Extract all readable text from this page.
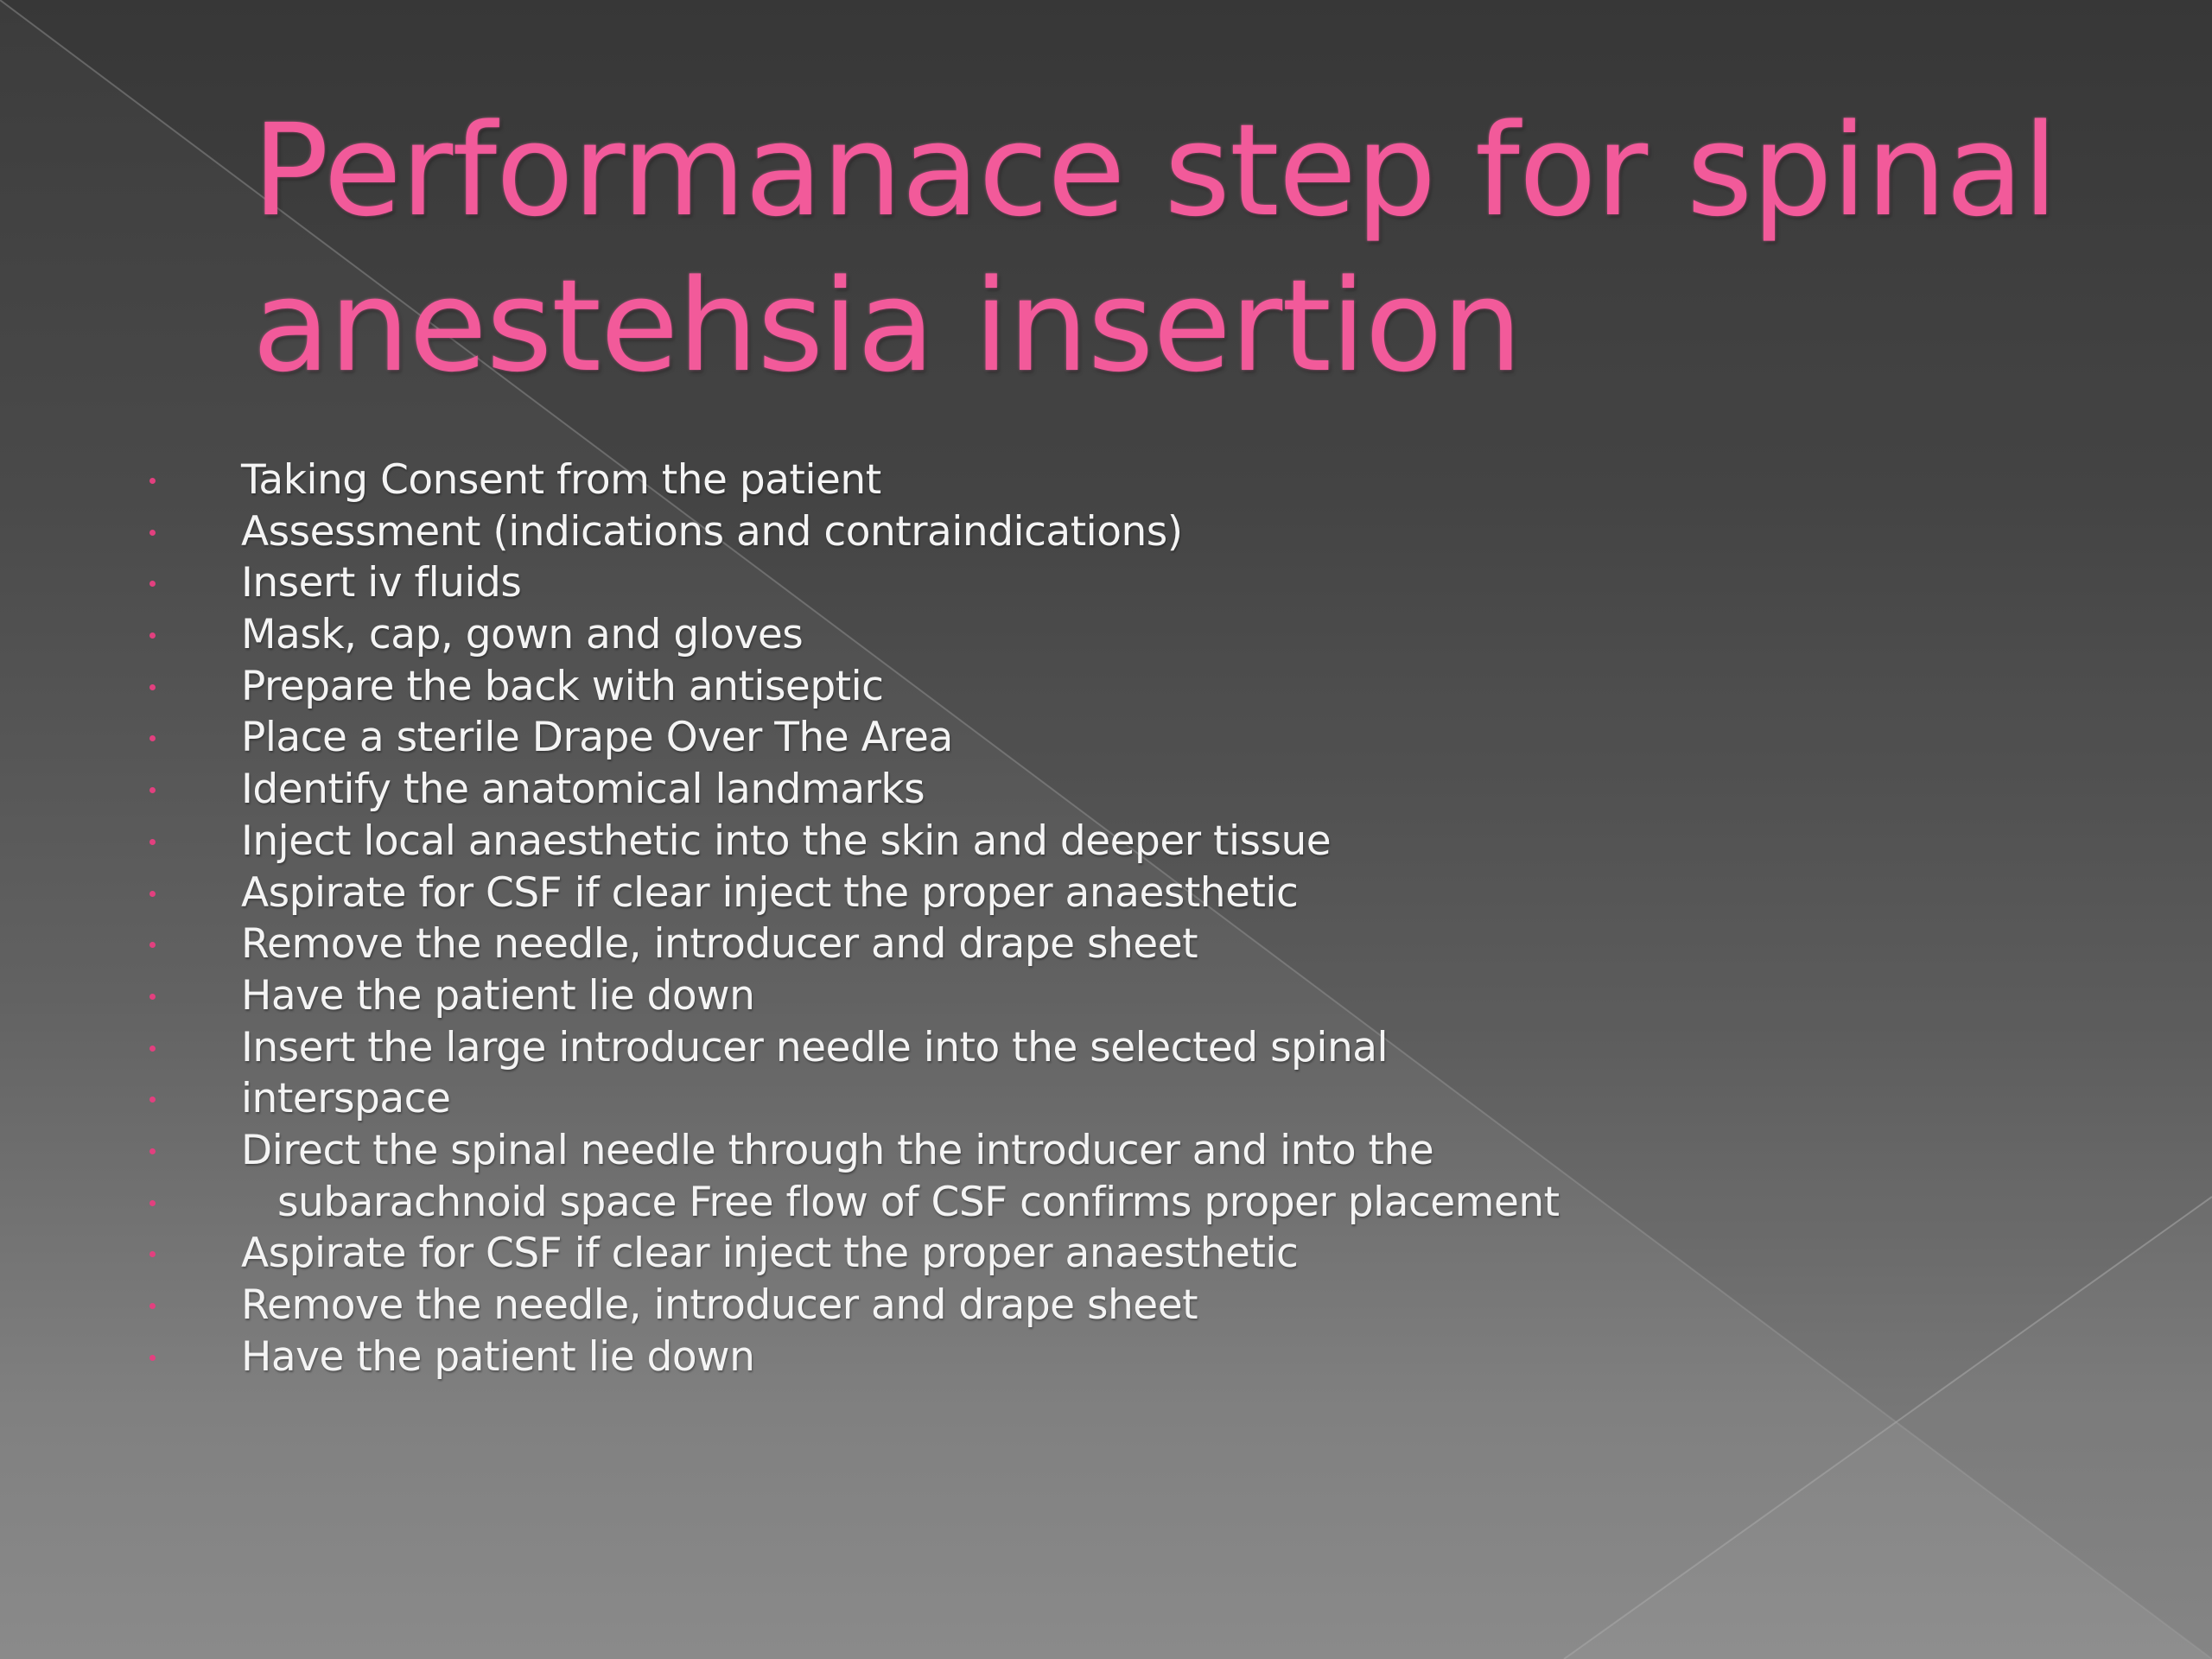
Performanace step for spinal
anestehsia insertion
Taking Consent from the patient
Assessment (indications and contraindications)
Insert iv fluids
Mask, cap, gown and gloves
Prepare the back with antiseptic
Place a sterile Drape Over The Area
Identify the anatomical landmarks
Inject local anaesthetic into the skin and deeper tissue
Aspirate for CSF if clear inject the proper anaesthetic
Remove the needle, introducer and drape sheet
Have the patient lie down
Insert the large introducer needle into the selected spinal
interspace
Direct the spinal needle through the introducer and into the
subarachnoid space Free flow of CSF confirms proper placement
Aspirate for CSF if clear inject the proper anaesthetic
Remove the needle, introducer and drape sheet
Have the patient lie down
